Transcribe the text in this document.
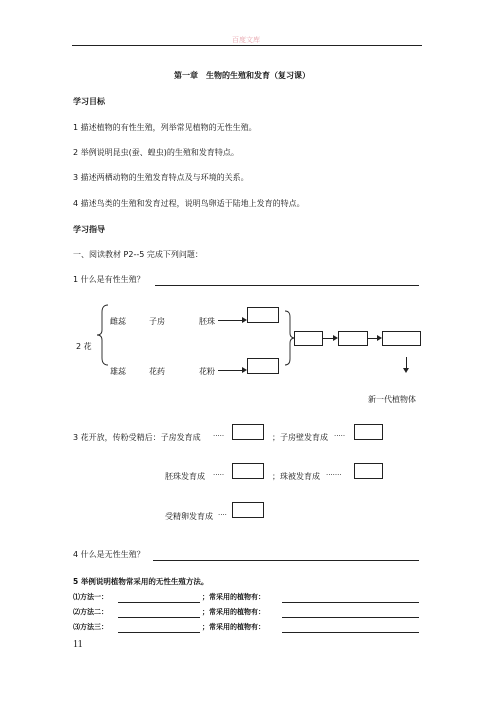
百度文库
第一章　生物的生殖和发育（复习课）
学习目标
1 描述植物的有性生殖，列举常见植物的无性生殖。
2 举例说明昆虫(蚕、蝗虫)的生殖和发育特点。
3 描述两栖动物的生殖发育特点及与环境的关系。
4 描述鸟类的生殖和发育过程，说明鸟卵适于陆地上发育的特点。
学习指导
一、阅读教材 P2--5 完成下列问题：
1 什么是有性生殖？
雌蕊	子房	胚珠
2 花
雄蕊	花药	花粉
新一代植物体
3 花开放，传粉受精后：子房发育成 ·····	；子房壁发育成 ·····
胚珠发育成 ·····	；珠被发育成 ·······
受精卵发育成 ····
4 什么是无性生殖？
5 举例说明植物常采用的无性生殖方法。
⑴方法一：	；常采用的植物有：
⑵方法二：	；常采用的植物有：
⑶方法三：	；常采用的植物有：
11
